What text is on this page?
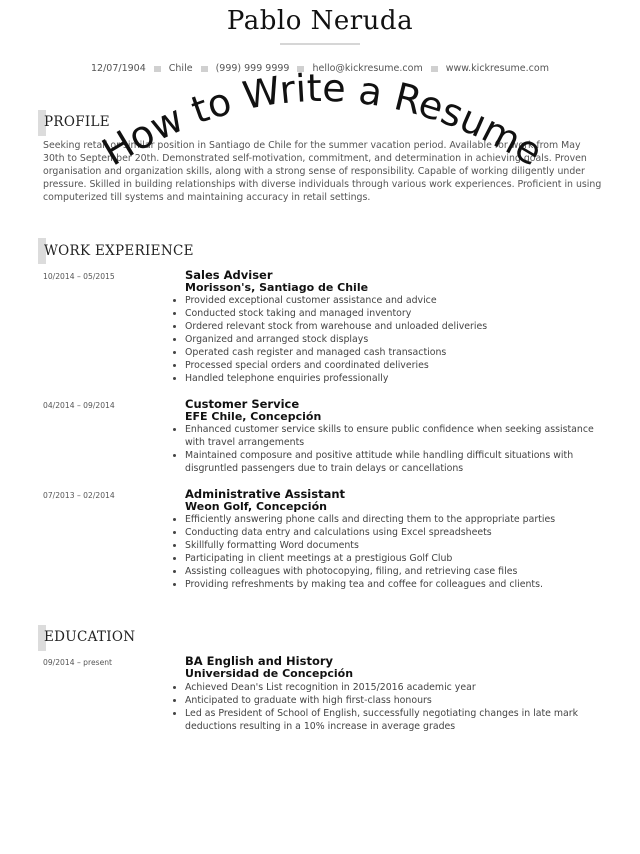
Pablo Neruda
12/07/1904 Chile (999) 999 9999 hello@kickresume.com www.kickresume.com
PROFILE
Seeking retail or similar position in Santiago de Chile for the summer vacation period. Available for work from May 30th to September 20th. Demonstrated self-motivation, commitment, and determination in achieving goals. Proven organisation and organization skills, along with a strong sense of responsibility. Capable of working diligently under pressure. Skilled in building relationships with diverse individuals through various work experiences. Proficient in using computerized till systems and maintaining accuracy in retail settings.
WORK EXPERIENCE
10/2014 – 05/2015	Sales Adviser
Morisson's, Santiago de Chile
• Provided exceptional customer assistance and advice
• Conducted stock taking and managed inventory
• Ordered relevant stock from warehouse and unloaded deliveries
• Organized and arranged stock displays
• Operated cash register and managed cash transactions
• Processed special orders and coordinated deliveries
• Handled telephone enquiries professionally
04/2014 – 09/2014	Customer Service
EFE Chile, Concepción
• Enhanced customer service skills to ensure public confidence when seeking assistance with travel arrangements
• Maintained composure and positive attitude while handling difficult situations with disgruntled passengers due to train delays or cancellations
07/2013 – 02/2014	Administrative Assistant
Weon Golf, Concepción
• Efficiently answering phone calls and directing them to the appropriate parties
• Conducting data entry and calculations using Excel spreadsheets
• Skillfully formatting Word documents
• Participating in client meetings at a prestigious Golf Club
• Assisting colleagues with photocopying, filing, and retrieving case files
• Providing refreshments by making tea and coffee for colleagues and clients.
EDUCATION
09/2014 – present	BA English and History
Universidad de Concepción
• Achieved Dean's List recognition in 2015/2016 academic year
• Anticipated to graduate with high first-class honours
• Led as President of School of English, successfully negotiating changes in late mark deductions resulting in a 10% increase in average grades
How to Write a Resume
